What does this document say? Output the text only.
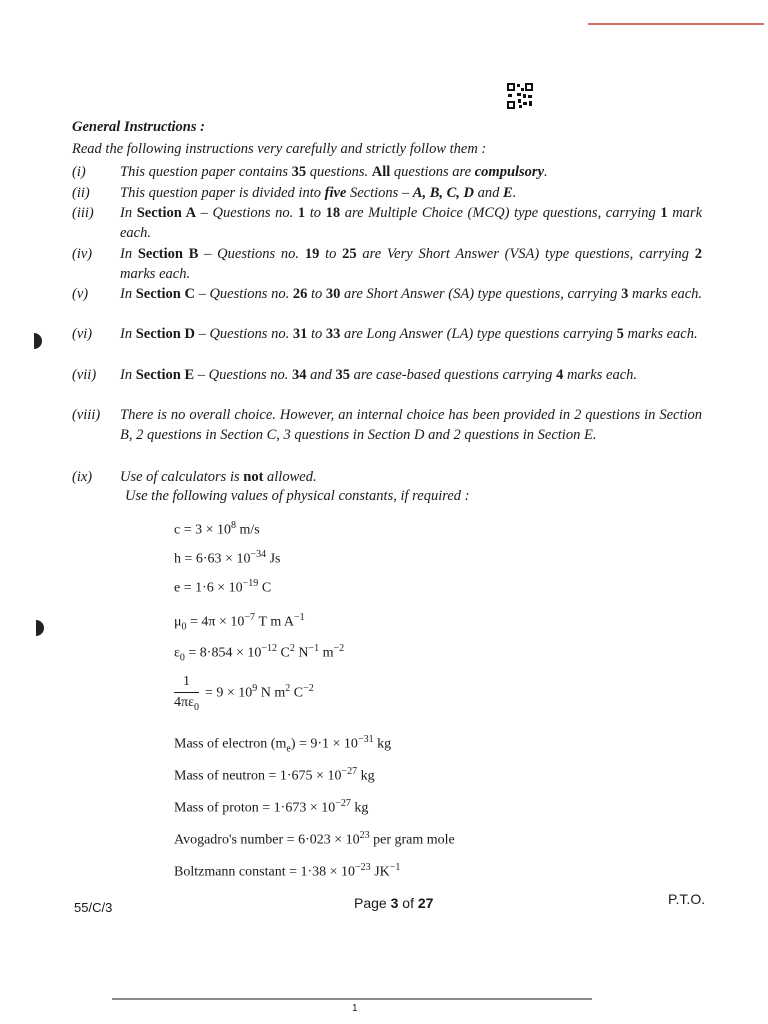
General Instructions :
Read the following instructions very carefully and strictly follow them :
(i)	This question paper contains 35 questions. All questions are compulsory.
(ii)	This question paper is divided into five Sections – A, B, C, D and E.
(iii)	In Section A – Questions no. 1 to 18 are Multiple Choice (MCQ) type questions, carrying 1 mark each.
(iv)	In Section B – Questions no. 19 to 25 are Very Short Answer (VSA) type questions, carrying 2 marks each.
(v)	In Section C – Questions no. 26 to 30 are Short Answer (SA) type questions, carrying 3 marks each.
(vi)	In Section D – Questions no. 31 to 33 are Long Answer (LA) type questions carrying 5 marks each.
(vii)	In Section E – Questions no. 34 and 35 are case-based questions carrying 4 marks each.
(viii)	There is no overall choice. However, an internal choice has been provided in 2 questions in Section B, 2 questions in Section C, 3 questions in Section D and 2 questions in Section E.
(ix)	Use of calculators is not allowed.
Use the following values of physical constants, if required :
$c = 3 \times 10^8$ m/s
$h = 6\cdot 63 \times 10^{-34}$ Js
$e = 1\cdot 6 \times 10^{-19}$ C
$\mu_0 = 4\pi \times 10^{-7}$ T m $A^{-1}$
$\varepsilon_0 = 8\cdot 854 \times 10^{-12}$ $C^2$ $N^{-1}$ $m^{-2}$
$\frac{1}{4\pi\varepsilon_0} = 9 \times 10^9$ N $m^2$ $C^{-2}$
Mass of electron $(m_e) = 9\cdot 1 \times 10^{-31}$ kg
Mass of neutron = $1\cdot 675 \times 10^{-27}$ kg
Mass of proton = $1\cdot 673 \times 10^{-27}$ kg
Avogadro's number = $6\cdot 023 \times 10^{23}$ per gram mole
Boltzmann constant = $1\cdot 38 \times 10^{-23}$ $JK^{-1}$
55/C/3	Page 3 of 27	P.T.O.
1
